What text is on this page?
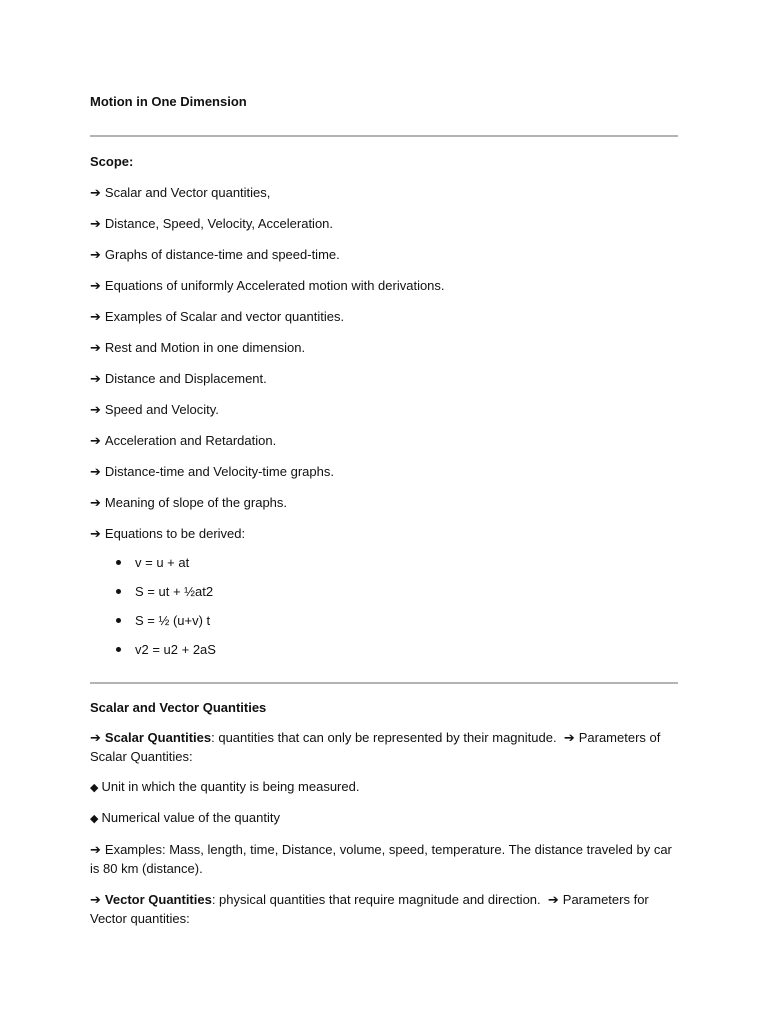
Motion in One Dimension

Scope:

➔ Scalar and Vector quantities,
➔ Distance, Speed, Velocity, Acceleration.
➔ Graphs of distance-time and speed-time.
➔ Equations of uniformly Accelerated motion with derivations.
➔ Examples of Scalar and vector quantities.
➔ Rest and Motion in one dimension.
➔ Distance and Displacement.
➔ Speed and Velocity.
➔ Acceleration and Retardation.
➔ Distance-time and Velocity-time graphs.
➔ Meaning of slope of the graphs.
➔ Equations to be derived:
v = u + at
S = ut + ½at2
S = ½ (u+v) t
v2 = u2 + 2aS

Scalar and Vector Quantities

➔ Scalar Quantities: quantities that can only be represented by their magnitude. ➔ Parameters of Scalar Quantities:

◆ Unit in which the quantity is being measured.

◆ Numerical value of the quantity

➔ Examples: Mass, length, time, Distance, volume, speed, temperature. The distance traveled by car is 80 km (distance).

➔ Vector Quantities: physical quantities that require magnitude and direction. ➔ Parameters for Vector quantities:
